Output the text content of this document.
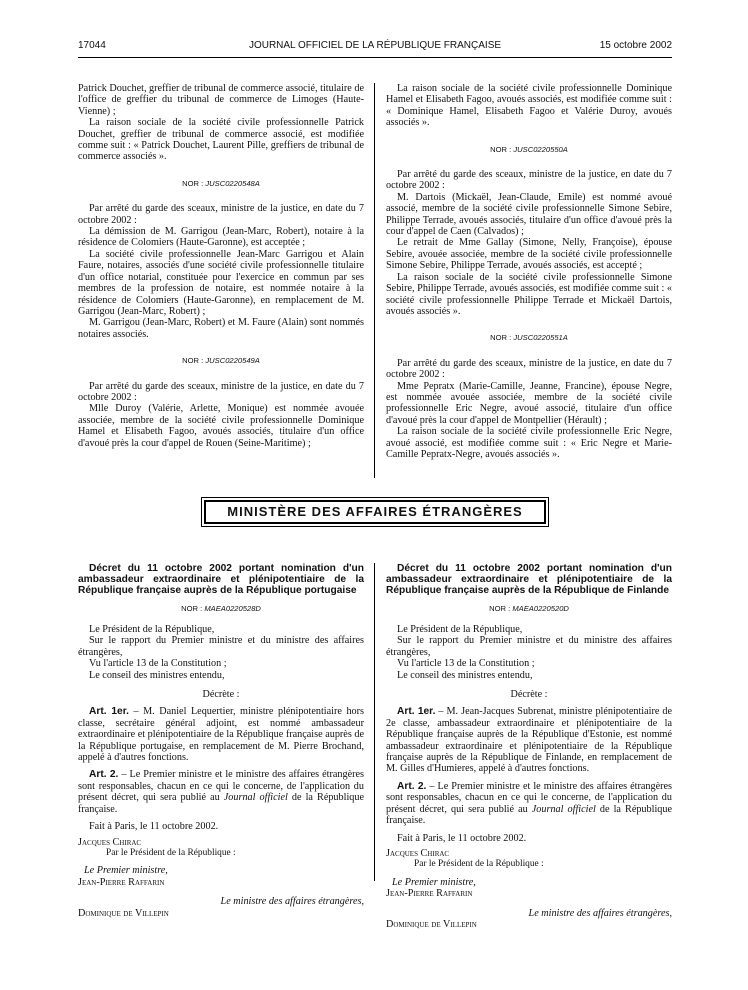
17044	JOURNAL OFFICIEL DE LA RÉPUBLIQUE FRANÇAISE	15 octobre 2002

Patrick Douchet, greffier de tribunal de commerce associé, titulaire de l'office de greffier du tribunal de commerce de Limoges (Haute-Vienne) ;

La raison sociale de la société civile professionnelle Patrick Douchet, greffier de tribunal de commerce associé, est modifiée comme suit : « Patrick Douchet, Laurent Pille, greffiers de tribunal de commerce associés ».

NOR : JUSC0220548A

Par arrêté du garde des sceaux, ministre de la justice, en date du 7 octobre 2002 :

La démission de M. Garrigou (Jean-Marc, Robert), notaire à la résidence de Colomiers (Haute-Garonne), est acceptée ;

La société civile professionnelle Jean-Marc Garrigou et Alain Faure, notaires, associés d'une société civile professionnelle titulaire d'un office notarial, constituée pour l'exercice en commun par ses membres de la profession de notaire, est nommée notaire à la résidence de Colomiers (Haute-Garonne), en remplacement de M. Garrigou (Jean-Marc, Robert) ;

M. Garrigou (Jean-Marc, Robert) et M. Faure (Alain) sont nommés notaires associés.

NOR : JUSC0220549A

Par arrêté du garde des sceaux, ministre de la justice, en date du 7 octobre 2002 :

Mlle Duroy (Valérie, Arlette, Monique) est nommée avouée associée, membre de la société civile professionnelle Dominique Hamel et Elisabeth Fagoo, avoués associés, titulaire d'un office d'avoué près la cour d'appel de Rouen (Seine-Maritime) ;

La raison sociale de la société civile professionnelle Dominique Hamel et Elisabeth Fagoo, avoués associés, est modifiée comme suit : « Dominique Hamel, Elisabeth Fagoo et Valérie Duroy, avoués associés ».

NOR : JUSC0220550A

Par arrêté du garde des sceaux, ministre de la justice, en date du 7 octobre 2002 :

M. Dartois (Mickaël, Jean-Claude, Emile) est nommé avoué associé, membre de la société civile professionnelle Simone Sebire, Philippe Terrade, avoués associés, titulaire d'un office d'avoué près la cour d'appel de Caen (Calvados) ;

Le retrait de Mme Gallay (Simone, Nelly, Françoise), épouse Sebire, avouée associée, membre de la société civile professionnelle Simone Sebire, Philippe Terrade, avoués associés, est accepté ;

La raison sociale de la société civile professionnelle Simone Sebire, Philippe Terrade, avoués associés, est modifiée comme suit : « société civile professionnelle Philippe Terrade et Mickaël Dartois, avoués associés ».

NOR : JUSC0220551A

Par arrêté du garde des sceaux, ministre de la justice, en date du 7 octobre 2002 :

Mme Pepratx (Marie-Camille, Jeanne, Francine), épouse Negre, est nommée avouée associée, membre de la société civile professionnelle Eric Negre, avoué associé, titulaire d'un office d'avoué près la cour d'appel de Montpellier (Hérault) ;

La raison sociale de la société civile professionnelle Eric Negre, avoué associé, est modifiée comme suit : « Eric Negre et Marie-Camille Pepratx-Negre, avoués associés ».

MINISTÈRE DES AFFAIRES ÉTRANGÈRES

Décret du 11 octobre 2002 portant nomination d'un ambassadeur extraordinaire et plénipotentiaire de la République française auprès de la République portugaise

NOR : MAEA0220528D

Le Président de la République,

Sur le rapport du Premier ministre et du ministre des affaires étrangères,

Vu l'article 13 de la Constitution ;

Le conseil des ministres entendu,

Décrète :

Art. 1er. – M. Daniel Lequertier, ministre plénipotentiaire hors classe, secrétaire général adjoint, est nommé ambassadeur extraordinaire et plénipotentiaire de la République française auprès de la République portugaise, en remplacement de M. Pierre Brochand, appelé à d'autres fonctions.

Art. 2. – Le Premier ministre et le ministre des affaires étrangères sont responsables, chacun en ce qui le concerne, de l'application du présent décret, qui sera publié au Journal officiel de la République française.

Fait à Paris, le 11 octobre 2002.

Jacques Chirac

Par le Président de la République :

Le Premier ministre,

Jean-Pierre Raffarin

Le ministre des affaires étrangères,

Dominique de Villepin

Décret du 11 octobre 2002 portant nomination d'un ambassadeur extraordinaire et plénipotentiaire de la République française auprès de la République de Finlande

NOR : MAEA0220520D

Le Président de la République,

Sur le rapport du Premier ministre et du ministre des affaires étrangères,

Vu l'article 13 de la Constitution ;

Le conseil des ministres entendu,

Décrète :

Art. 1er. – M. Jean-Jacques Subrenat, ministre plénipotentiaire de 2e classe, ambassadeur extraordinaire et plénipotentiaire de la République française auprès de la République d'Estonie, est nommé ambassadeur extraordinaire et plénipotentiaire de la République française auprès de la République de Finlande, en remplacement de M. Gilles d'Humieres, appelé à d'autres fonctions.

Art. 2. – Le Premier ministre et le ministre des affaires étrangères sont responsables, chacun en ce qui le concerne, de l'application du présent décret, qui sera publié au Journal officiel de la République française.

Fait à Paris, le 11 octobre 2002.

Jacques Chirac

Par le Président de la République :

Le Premier ministre,

Jean-Pierre Raffarin

Le ministre des affaires étrangères,

Dominique de Villepin
